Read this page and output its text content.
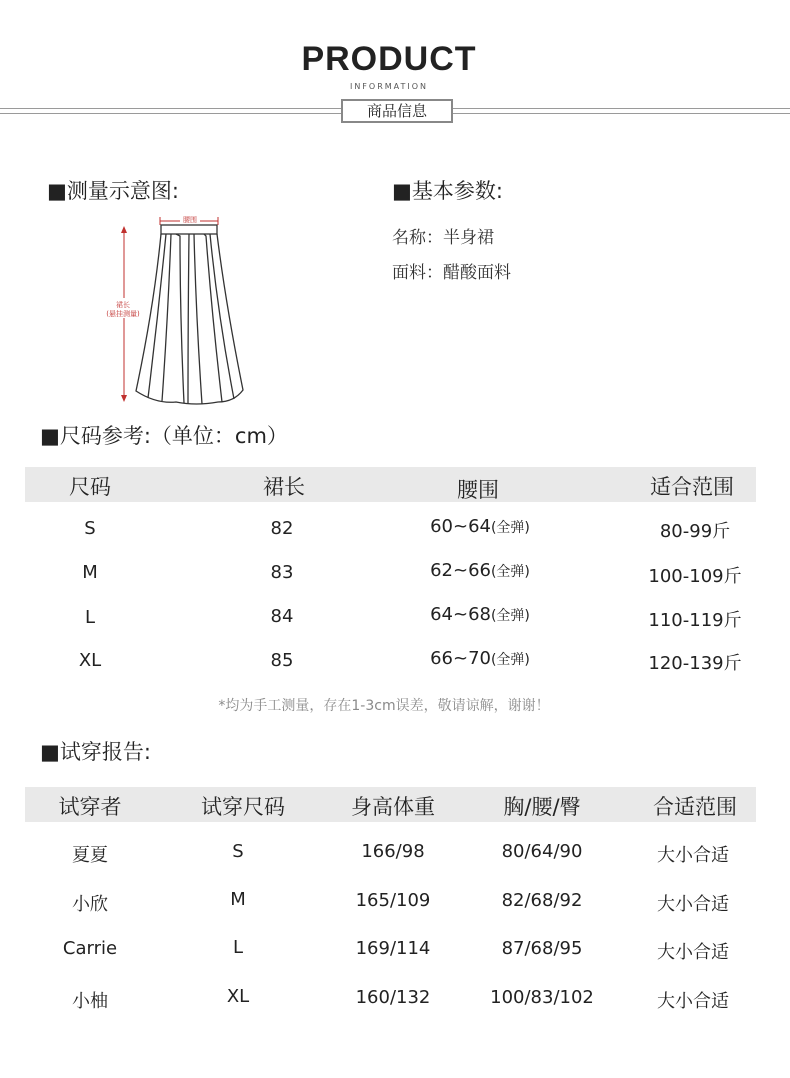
PRODUCT
INFORMATION
商品信息
■测量示意图:
腰围
裙长
(悬挂测量)
■基本参数:
名称：半身裙
面料：醋酸面料
■尺码参考:（单位：cm）
尺码	裙长	腰围	适合范围
S	82	60~64(全弹)	80-99斤
M	83	62~66(全弹)	100-109斤
L	84	64~68(全弹)	110-119斤
XL	85	66~70(全弹)	120-139斤
*均为手工测量，存在1-3cm误差，敬请谅解，谢谢！
■试穿报告:
试穿者	试穿尺码	身高体重	胸/腰/臀	合适范围
夏夏	S	166/98	80/64/90	大小合适
小欣	M	165/109	82/68/92	大小合适
Carrie	L	169/114	87/68/95	大小合适
小柚	XL	160/132	100/83/102	大小合适
